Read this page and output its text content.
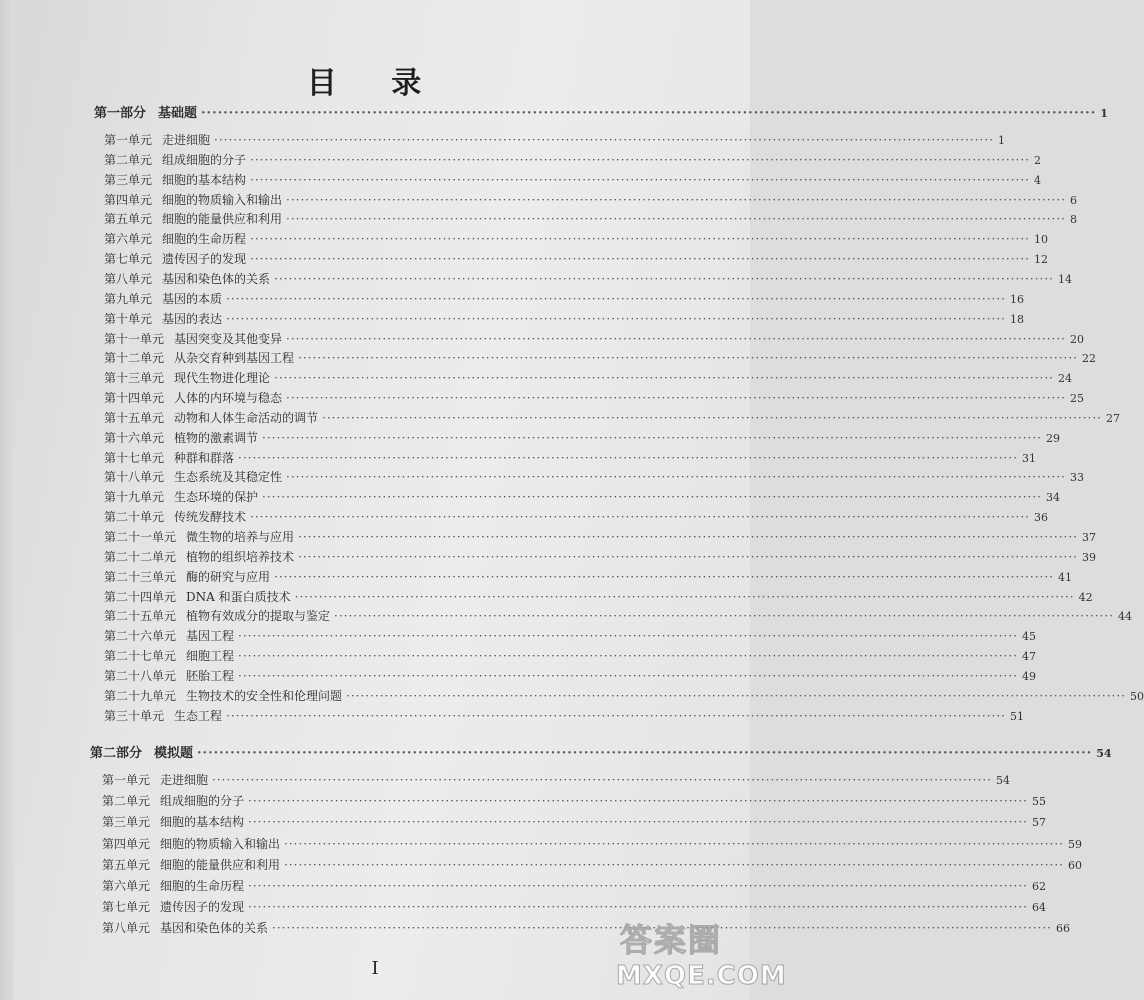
目 录
第一部分 基础题 ·····	1
第一单元 走进细胞 ·····	1
第二单元 组成细胞的分子 ·····	2
第三单元 细胞的基本结构 ·····	4
第四单元 细胞的物质输入和输出 ·····	6
第五单元 细胞的能量供应和利用 ·····	8
第六单元 细胞的生命历程 ·····	10
第七单元 遗传因子的发现 ·····	12
第八单元 基因和染色体的关系 ·····	14
第九单元 基因的本质 ·····	16
第十单元 基因的表达 ·····	18
第十一单元 基因突变及其他变异 ·····	20
第十二单元 从杂交育种到基因工程 ·····	22
第十三单元 现代生物进化理论 ·····	24
第十四单元 人体的内环境与稳态 ·····	25
第十五单元 动物和人体生命活动的调节 ·····	27
第十六单元 植物的激素调节 ·····	29
第十七单元 种群和群落 ·····	31
第十八单元 生态系统及其稳定性 ·····	33
第十九单元 生态环境的保护 ·····	34
第二十单元 传统发酵技术 ·····	36
第二十一单元 微生物的培养与应用 ·····	37
第二十二单元 植物的组织培养技术 ·····	39
第二十三单元 酶的研究与应用 ·····	41
第二十四单元 DNA 和蛋白质技术 ·····	42
第二十五单元 植物有效成分的提取与鉴定 ·····	44
第二十六单元 基因工程 ·····	45
第二十七单元 细胞工程 ·····	47
第二十八单元 胚胎工程 ·····	49
第二十九单元 生物技术的安全性和伦理问题 ·····	50
第三十单元 生态工程 ·····	51
第二部分 模拟题 ·····	54
第一单元 走进细胞 ·····	54
第二单元 组成细胞的分子 ·····	55
第三单元 细胞的基本结构 ·····	57
第四单元 细胞的物质输入和输出 ·····	59
第五单元 细胞的能量供应和利用 ·····	60
第六单元 细胞的生命历程 ·····	62
第七单元 遗传因子的发现 ·····	64
第八单元 基因和染色体的关系 ·····	66
I
答案圈
MXQE.COM
